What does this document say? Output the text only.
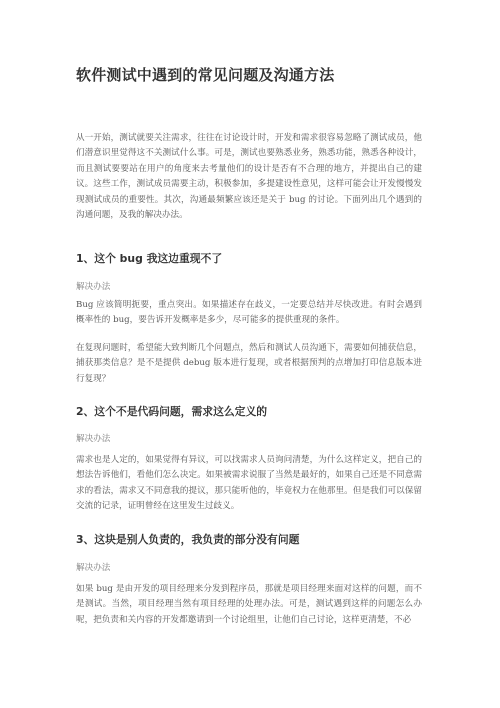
软件测试中遇到的常见问题及沟通方法
从一开始，测试就要关注需求，往往在讨论设计时，开发和需求很容易忽略了测试成员，他们潜意识里觉得这不关测试什么事。可是，测试也要熟悉业务，熟悉功能，熟悉各种设计，而且测试要要站在用户的角度来去考量他们的设计是否有不合理的地方，并提出自己的建议。这些工作，测试成员需要主动，积极参加，多提建设性意见，这样可能会让开发慢慢发现测试成员的重要性。其次，沟通最频繁应该还是关于 bug 的讨论。下面列出几个遇到的沟通问题，及我的解决办法。
1、这个 bug 我这边重现不了
解决办法
Bug 应该简明扼要，重点突出。如果描述存在歧义，一定要总结并尽快改进。有时会遇到概率性的 bug，要告诉开发概率是多少，尽可能多的提供重现的条件。
在复现问题时，希望能大致判断几个问题点，然后和测试人员沟通下，需要如何捕获信息，捕获那类信息？是不是提供 debug 版本进行复现，或者根据预判的点增加打印信息版本进行复现？
2、这个不是代码问题，需求这么定义的
解决办法
需求也是人定的，如果觉得有异议，可以找需求人员询问清楚，为什么这样定义，把自己的想法告诉他们，看他们怎么决定。如果被需求说服了当然是最好的，如果自己还是不同意需求的看法，需求又不同意我的提议，那只能听他的，毕竟权力在他那里。但是我们可以保留交流的记录，证明曾经在这里发生过歧义。
3、这块是别人负责的，我负责的部分没有问题
解决办法
如果 bug 是由开发的项目经理来分发到程序员，那就是项目经理来面对这样的问题，而不是测试。当然，项目经理当然有项目经理的处理办法。可是，测试遇到这样的问题怎么办呢，把负责和关内容的开发都邀请到一个讨论组里，让他们自己讨论，这样更清楚，不必
